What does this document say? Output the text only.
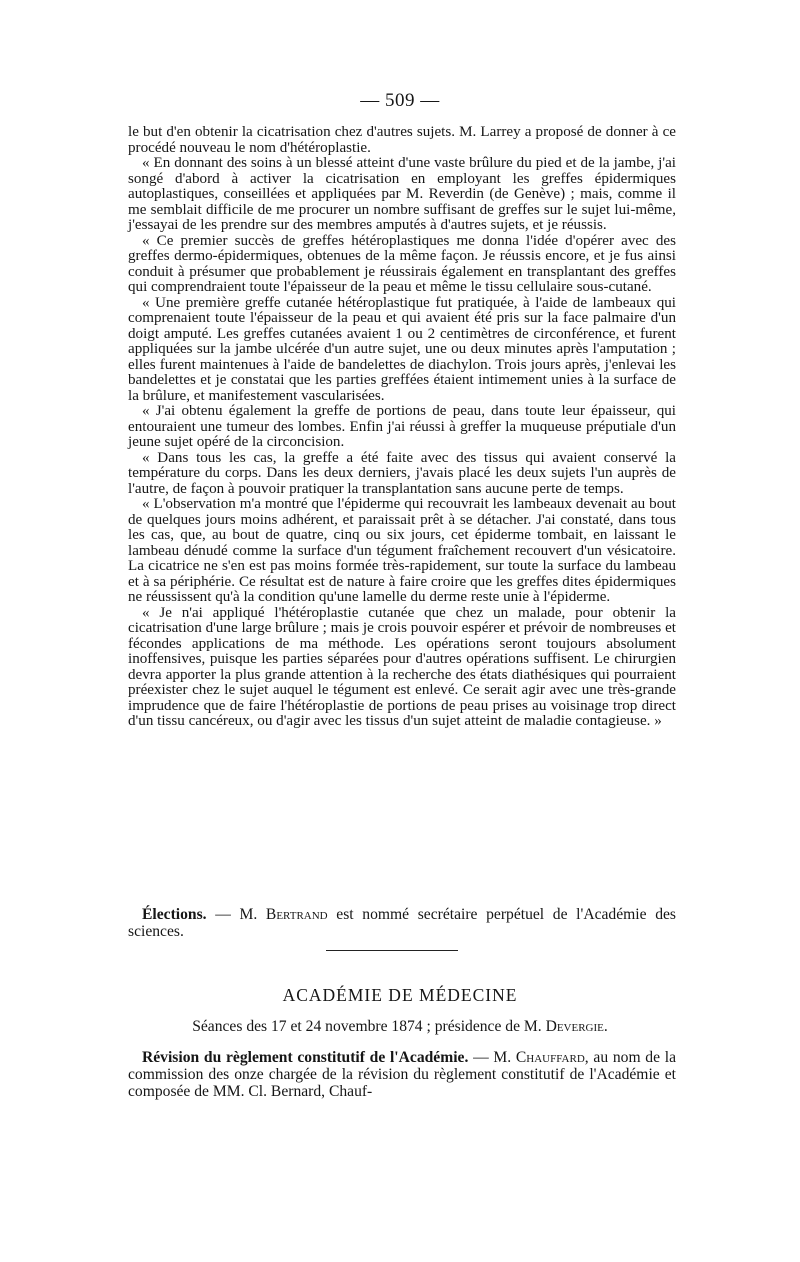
— 509 —

le but d'en obtenir la cicatrisation chez d'autres sujets. M. Larrey a proposé de donner à ce procédé nouveau le nom d'hétéroplastie.

« En donnant des soins à un blessé atteint d'une vaste brûlure du pied et de la jambe, j'ai songé d'abord à activer la cicatrisation en employant les greffes épidermiques autoplastiques, conseillées et appliquées par M. Reverdin (de Genève) ; mais, comme il me semblait difficile de me procurer un nombre suffisant de greffes sur le sujet lui-même, j'essayai de les prendre sur des membres amputés à d'autres sujets, et je réussis.

« Ce premier succès de greffes hétéroplastiques me donna l'idée d'opérer avec des greffes dermo-épidermiques, obtenues de la même façon. Je réussis encore, et je fus ainsi conduit à présumer que probablement je réussirais également en transplantant des greffes qui comprendraient toute l'épaisseur de la peau et même le tissu cellulaire sous-cutané.

« Une première greffe cutanée hétéroplastique fut pratiquée, à l'aide de lambeaux qui comprenaient toute l'épaisseur de la peau et qui avaient été pris sur la face palmaire d'un doigt amputé. Les greffes cutanées avaient 1 ou 2 centimètres de circonférence, et furent appliquées sur la jambe ulcérée d'un autre sujet, une ou deux minutes après l'amputation ; elles furent maintenues à l'aide de bandelettes de diachylon. Trois jours après, j'enlevai les bandelettes et je constatai que les parties greffées étaient intimement unies à la surface de la brûlure, et manifestement vascularisées.

« J'ai obtenu également la greffe de portions de peau, dans toute leur épaisseur, qui entouraient une tumeur des lombes. Enfin j'ai réussi à greffer la muqueuse préputiale d'un jeune sujet opéré de la circoncision.

« Dans tous les cas, la greffe a été faite avec des tissus qui avaient conservé la température du corps. Dans les deux derniers, j'avais placé les deux sujets l'un auprès de l'autre, de façon à pouvoir pratiquer la transplantation sans aucune perte de temps.

« L'observation m'a montré que l'épiderme qui recouvrait les lambeaux devenait au bout de quelques jours moins adhérent, et paraissait prêt à se détacher. J'ai constaté, dans tous les cas, que, au bout de quatre, cinq ou six jours, cet épiderme tombait, en laissant le lambeau dénudé comme la surface d'un tégument fraîchement recouvert d'un vésicatoire. La cicatrice ne s'en est pas moins formée très-rapidement, sur toute la surface du lambeau et à sa périphérie. Ce résultat est de nature à faire croire que les greffes dites épidermiques ne réussissent qu'à la condition qu'une lamelle du derme reste unie à l'épiderme.

« Je n'ai appliqué l'hétéroplastie cutanée que chez un malade, pour obtenir la cicatrisation d'une large brûlure ; mais je crois pouvoir espérer et prévoir de nombreuses et fécondes applications de ma méthode. Les opérations seront toujours absolument inoffensives, puisque les parties séparées pour d'autres opérations suffisent. Le chirurgien devra apporter la plus grande attention à la recherche des états diathésiques qui pourraient préexister chez le sujet auquel le tégument est enlevé. Ce serait agir avec une très-grande imprudence que de faire l'hétéroplastie de portions de peau prises au voisinage trop direct d'un tissu cancéreux, ou d'agir avec les tissus d'un sujet atteint de maladie contagieuse. »

Élections. — M. Bertrand est nommé secrétaire perpétuel de l'Académie des sciences.
ACADÉMIE DE MÉDECINE
Séances des 17 et 24 novembre 1874 ; présidence de M. Devergie.
Révision du règlement constitutif de l'Académie. — M. Chauffard, au nom de la commission des onze chargée de la révision du règlement constitutif de l'Académie et composée de MM. Cl. Bernard, Chauf-
